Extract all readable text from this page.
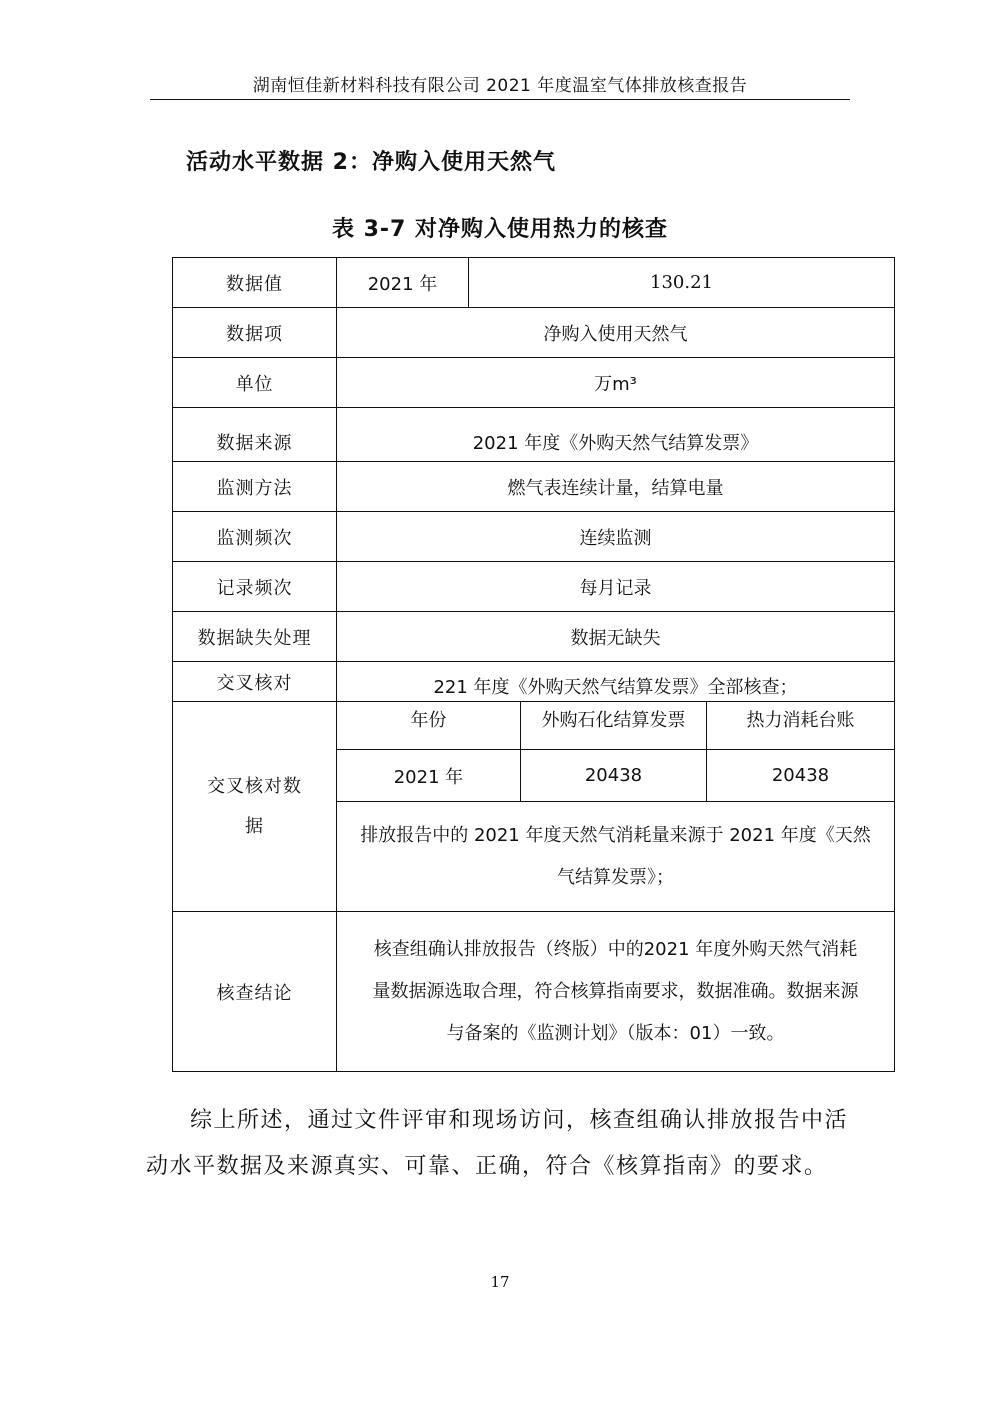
湖南恒佳新材料科技有限公司 2021 年度温室气体排放核查报告
活动水平数据 2：净购入使用天然气
表 3-7 对净购入使用热力的核查
数据值	2021 年	130.21		
数据项	净购入使用天然气			
单位	万m³			
数据来源	2021 年度《外购天然气结算发票》			
监测方法	燃气表连续计量，结算电量			
监测频次	连续监测			
记录频次	每月记录			
数据缺失处理	数据无缺失			
交叉核对	221 年度《外购天然气结算发票》全部核查；			
交叉核对数
据	年份		外购石化结算发票	热力消耗台账
	2021 年		20438	20438
	排放报告中的 2021 年度天然气消耗量来源于 2021 年度《天然
气结算发票》；			
核查结论	核查组确认排放报告（终版）中的2021 年度外购天然气消耗
量数据源选取合理，符合核算指南要求，数据准确。数据来源
与备案的《监测计划》（版本：01）一致。			
综上所述，通过文件评审和现场访问，核查组确认排放报告中活
动水平数据及来源真实、可靠、正确，符合《核算指南》的要求。
17
